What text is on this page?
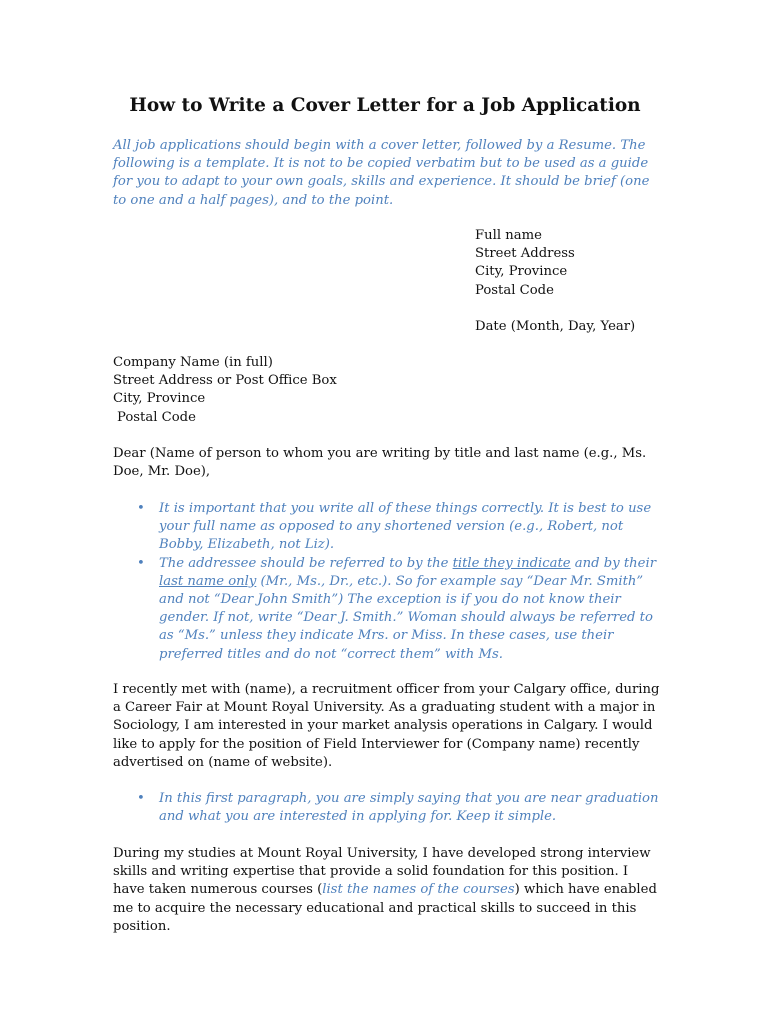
How to Write a Cover Letter for a Job Application

All job applications should begin with a cover letter, followed by a Resume. The following is a template. It is not to be copied verbatim but to be used as a guide for you to adapt to your own goals, skills and experience. It should be brief (one to one and a half pages), and to the point.

Full name
Street Address
City, Province
Postal Code
Date (Month, Day, Year)
Company Name (in full)
Street Address or Post Office Box
City, Province
Postal Code

Dear (Name of person to whom you are writing by title and last name (e.g., Ms. Doe, Mr. Doe),

• It is important that you write all of these things correctly. It is best to use your full name as opposed to any shortened version (e.g., Robert, not Bobby, Elizabeth, not Liz).
• The addressee should be referred to by the title they indicate and by their last name only (Mr., Ms., Dr., etc.). So for example say “Dear Mr. Smith” and not “Dear John Smith”) The exception is if you do not know their gender. If not, write “Dear J. Smith.” Woman should always be referred to as “Ms.” unless they indicate Mrs. or Miss. In these cases, use their preferred titles and do not “correct them” with Ms.

I recently met with (name), a recruitment officer from your Calgary office, during a Career Fair at Mount Royal University. As a graduating student with a major in Sociology, I am interested in your market analysis operations in Calgary. I would like to apply for the position of Field Interviewer for (Company name) recently advertised on (name of website).

• In this first paragraph, you are simply saying that you are near graduation and what you are interested in applying for. Keep it simple.

During my studies at Mount Royal University, I have developed strong interview skills and writing expertise that provide a solid foundation for this position. I have taken numerous courses (list the names of the courses) which have enabled me to acquire the necessary educational and practical skills to succeed in this position.
